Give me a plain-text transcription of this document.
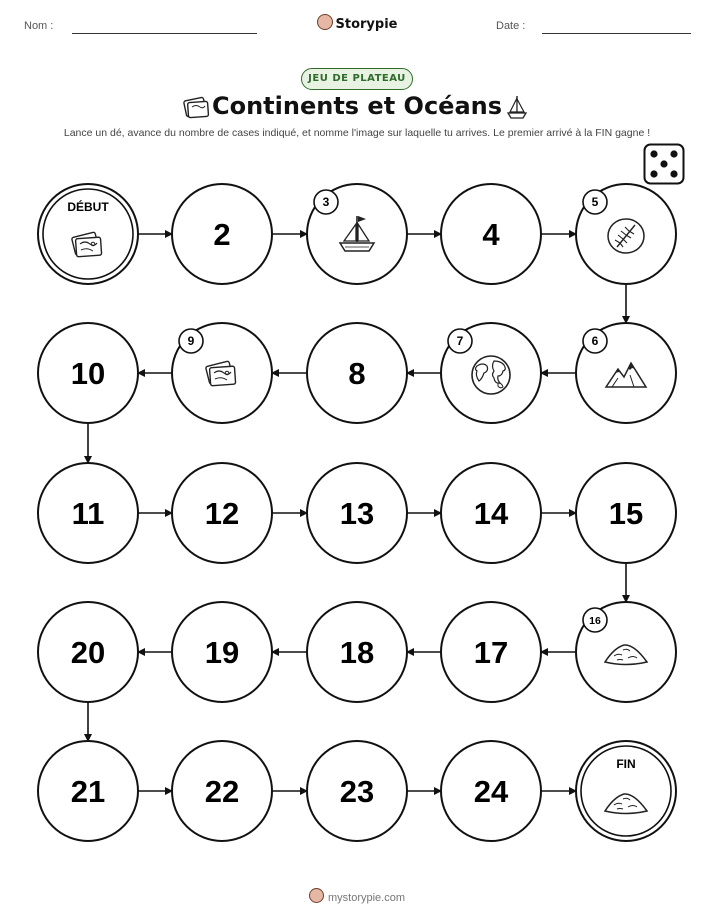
Nom :	Storypie	Date :
JEU DE PLATEAU
Continents et Océans
Lance un dé, avance du nombre de cases indiqué, et nomme l'image sur laquelle tu arrives. Le premier arrivé à la FIN gagne !
DÉBUT
2
3
4
5
6
7
8
9
10
11	12	13	14	15
16
17
18
19
20
21	22	23	24
FIN
mystorypie.com
